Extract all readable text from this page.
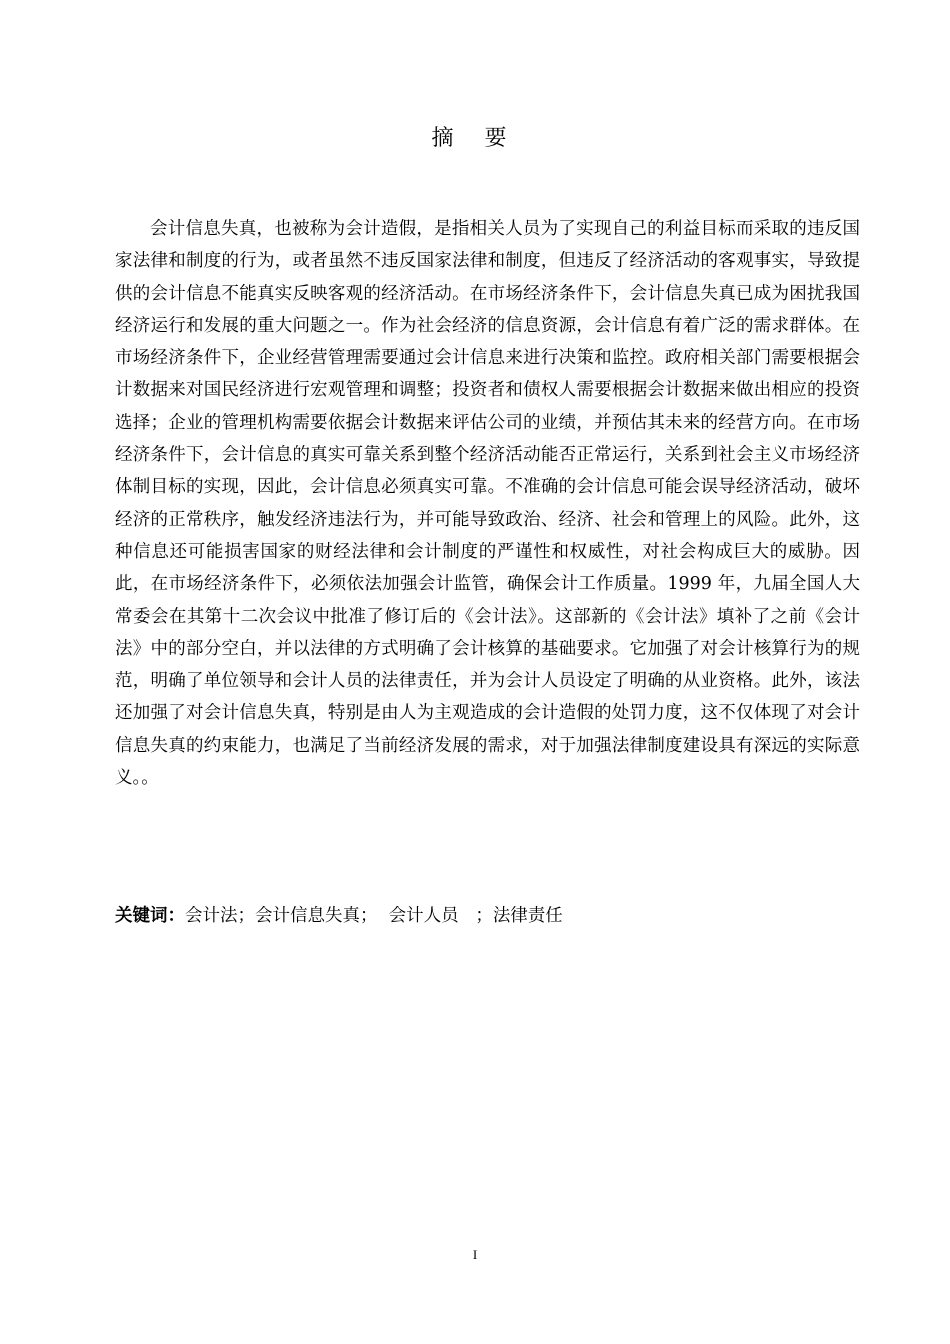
摘 要

会计信息失真，也被称为会计造假，是指相关人员为了实现自己的利益目标而采取的违反国家法律和制度的行为，或者虽然不违反国家法律和制度，但违反了经济活动的客观事实，导致提供的会计信息不能真实反映客观的经济活动。在市场经济条件下，会计信息失真已成为困扰我国经济运行和发展的重大问题之一。作为社会经济的信息资源，会计信息有着广泛的需求群体。在市场经济条件下，企业经营管理需要通过会计信息来进行决策和监控。政府相关部门需要根据会计数据来对国民经济进行宏观管理和调整；投资者和债权人需要根据会计数据来做出相应的投资选择；企业的管理机构需要依据会计数据来评估公司的业绩，并预估其未来的经营方向。在市场经济条件下，会计信息的真实可靠关系到整个经济活动能否正常运行，关系到社会主义市场经济体制目标的实现，因此，会计信息必须真实可靠。不准确的会计信息可能会误导经济活动，破坏经济的正常秩序，触发经济违法行为，并可能导致政治、经济、社会和管理上的风险。此外，这种信息还可能损害国家的财经法律和会计制度的严谨性和权威性，对社会构成巨大的威胁。因此，在市场经济条件下，必须依法加强会计监管，确保会计工作质量。1999 年，九届全国人大常委会在其第十二次会议中批准了修订后的《会计法》。这部新的《会计法》填补了之前《会计法》中的部分空白，并以法律的方式明确了会计核算的基础要求。它加强了对会计核算行为的规范，明确了单位领导和会计人员的法律责任，并为会计人员设定了明确的从业资格。此外，该法还加强了对会计信息失真，特别是由人为主观造成的会计造假的处罚力度，这不仅体现了对会计信息失真的约束能力，也满足了当前经济发展的需求，对于加强法律制度建设具有深远的实际意义。。

关键词：会计法；会计信息失真；  会计人员   ；法律责任
I
